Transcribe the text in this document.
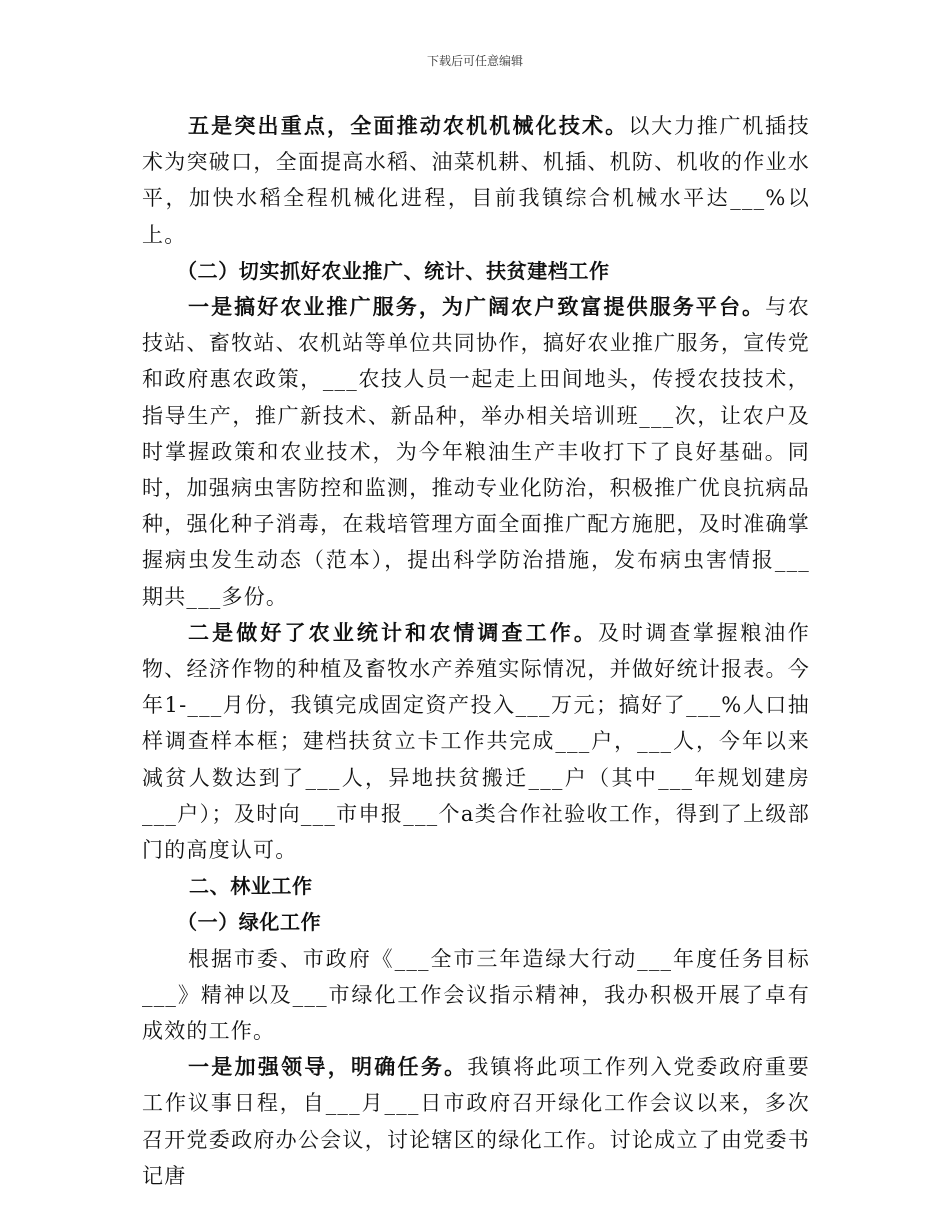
下载后可任意编辑

五是突出重点，全面推动农机机械化技术。以大力推广机插技术为突破口，全面提高水稻、油菜机耕、机插、机防、机收的作业水平，加快水稻全程机械化进程，目前我镇综合机械水平达___%以上。

（二）切实抓好农业推广、统计、扶贫建档工作

一是搞好农业推广服务，为广阔农户致富提供服务平台。与农技站、畜牧站、农机站等单位共同协作，搞好农业推广服务，宣传党和政府惠农政策，___农技人员一起走上田间地头，传授农技技术，指导生产，推广新技术、新品种，举办相关培训班___次，让农户及时掌握政策和农业技术，为今年粮油生产丰收打下了良好基础。同时，加强病虫害防控和监测，推动专业化防治，积极推广优良抗病品种，强化种子消毒，在栽培管理方面全面推广配方施肥，及时准确掌握病虫发生动态（范本），提出科学防治措施，发布病虫害情报___期共___多份。

二是做好了农业统计和农情调查工作。及时调查掌握粮油作物、经济作物的种植及畜牧水产养殖实际情况，并做好统计报表。今年1-___月份，我镇完成固定资产投入___万元；搞好了___%人口抽样调查样本框；建档扶贫立卡工作共完成___户，___人，今年以来减贫人数达到了___人，异地扶贫搬迁___户（其中___年规划建房___户）；及时向___市申报___个a类合作社验收工作，得到了上级部门的高度认可。

二、林业工作

（一）绿化工作

根据市委、市政府《___全市三年造绿大行动___年度任务目标___》精神以及___市绿化工作会议指示精神，我办积极开展了卓有成效的工作。

一是加强领导，明确任务。我镇将此项工作列入党委政府重要工作议事日程，自___月___日市政府召开绿化工作会议以来，多次召开党委政府办公会议，讨论辖区的绿化工作。讨论成立了由党委书记唐
